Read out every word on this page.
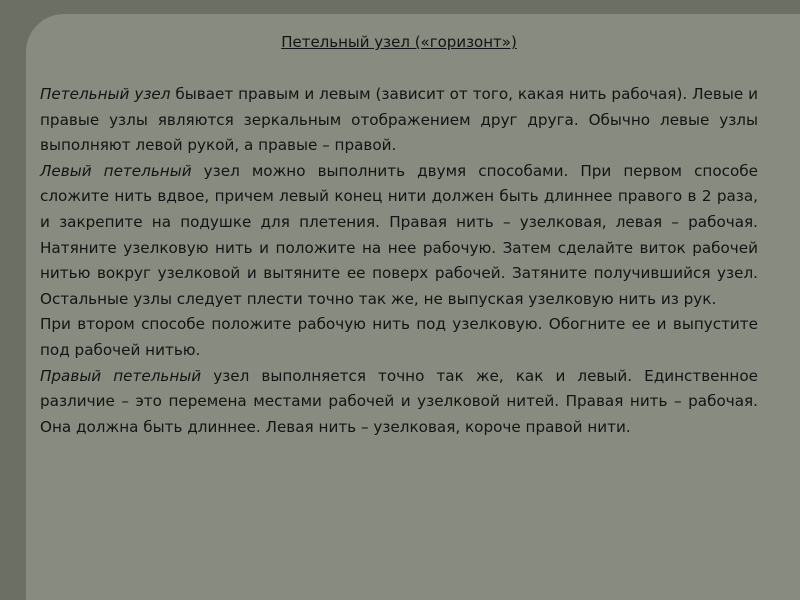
Петельный узел («горизонт»)

Петельный узел бывает правым и левым (зависит от того, какая нить рабочая). Левые и правые узлы являются зеркальным отображением друг друга. Обычно левые узлы выполняют левой рукой, а правые – правой.

Левый петельный узел можно выполнить двумя способами. При первом способе сложите нить вдвое, причем левый конец нити должен быть длиннее правого в 2 раза, и закрепите на подушке для плетения. Правая нить – узелковая, левая – рабочая. Натяните узелковую нить и положите на нее рабочую. Затем сделайте виток рабочей нитью вокруг узелковой и вытяните ее поверх рабочей. Затяните получившийся узел. Остальные узлы следует плести точно так же, не выпуская узелковую нить из рук.

При втором способе положите рабочую нить под узелковую. Обогните ее и выпустите под рабочей нитью.

Правый петельный узел выполняется точно так же, как и левый. Единственное различие – это перемена местами рабочей и узелковой нитей. Правая нить – рабочая. Она должна быть длиннее. Левая нить – узелковая, короче правой нити.
